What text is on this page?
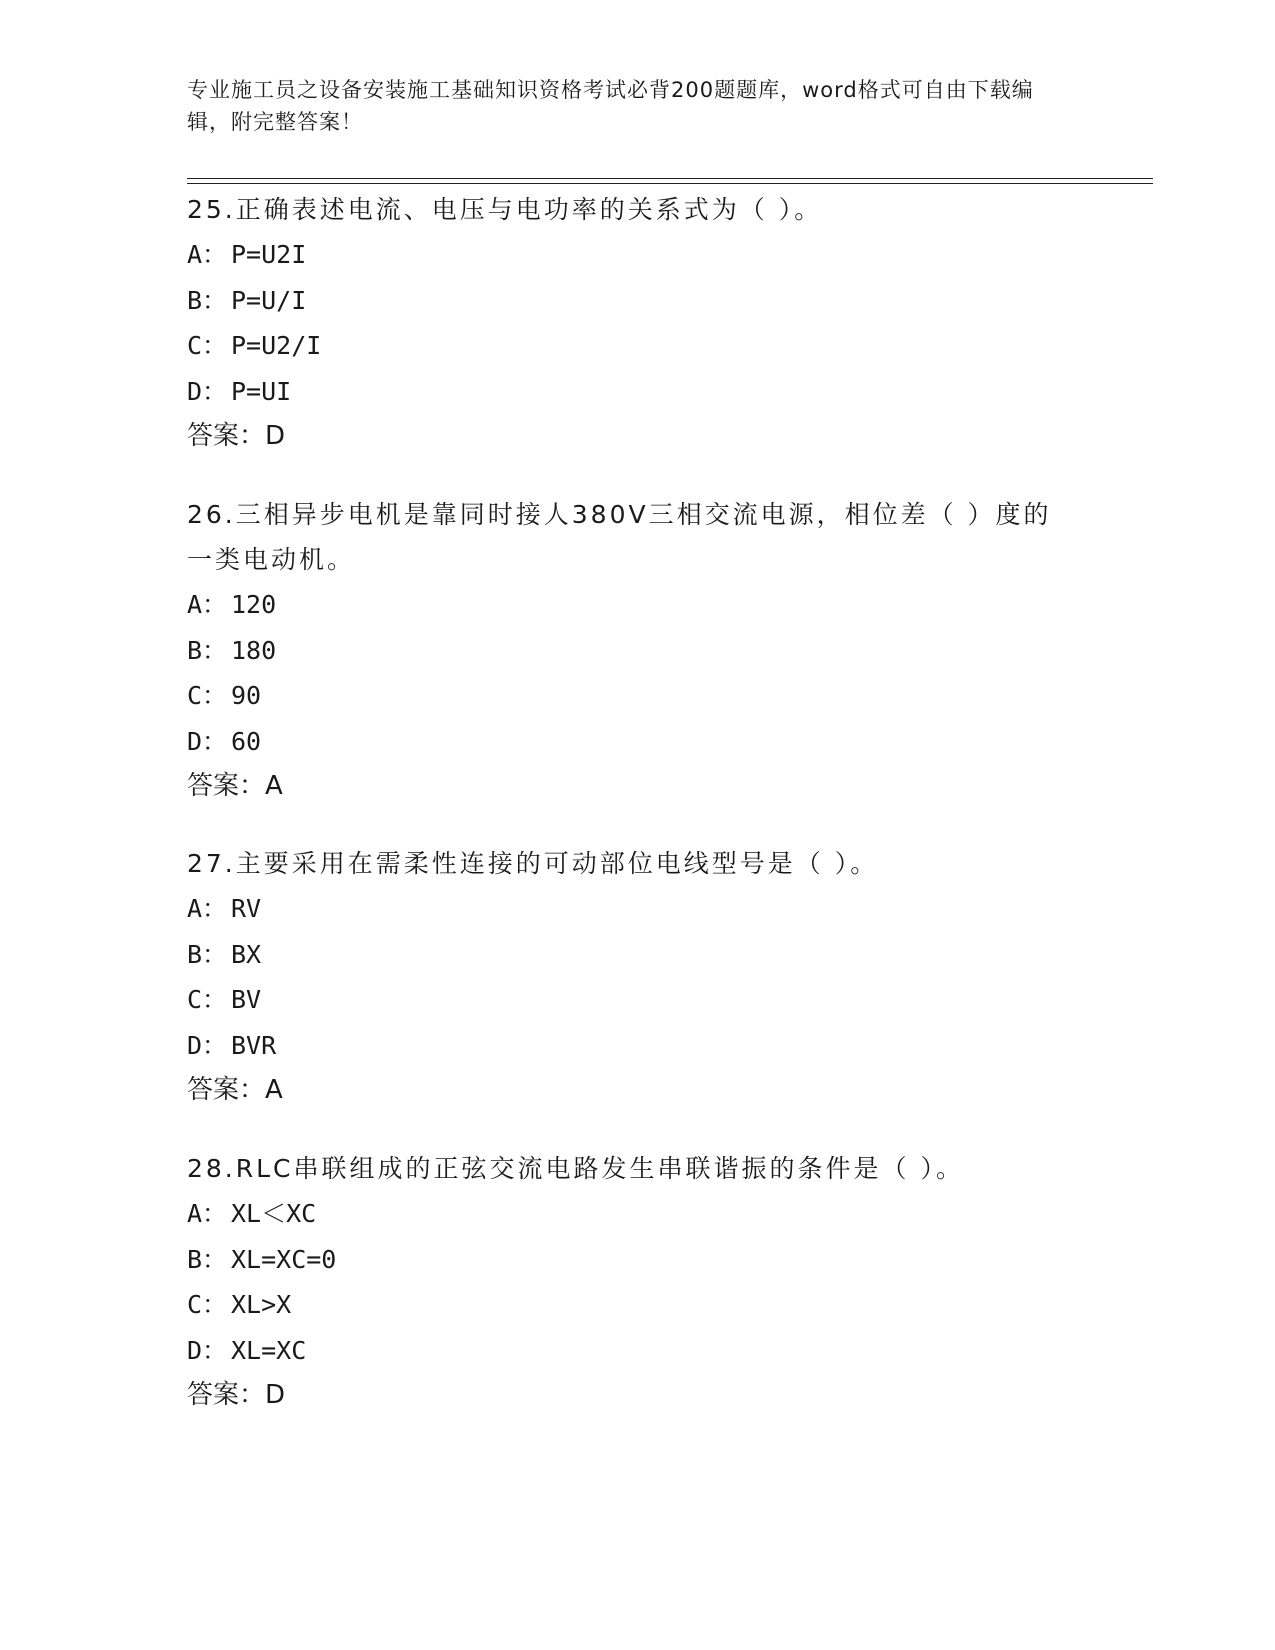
专业施工员之设备安装施工基础知识资格考试必背200题题库，word格式可自由下载编辑，附完整答案！

25.正确表述电流、电压与电功率的关系式为（ ）。

A： P=U2I

B： P=U/I

C： P=U2/I

D： P=UI

答案：D

26.三相异步电机是靠同时接人380V三相交流电源，相位差（ ）度的一类电动机。

A： 120

B： 180

C： 90

D： 60

答案：A

27.主要采用在需柔性连接的可动部位电线型号是（ ）。

A： RV

B： BX

C： BV

D： BVR

答案：A

28.RLC串联组成的正弦交流电路发生串联谐振的条件是（ ）。

A： XL＜XC

B： XL=XC=0

C： XL>X

D： XL=XC

答案：D
